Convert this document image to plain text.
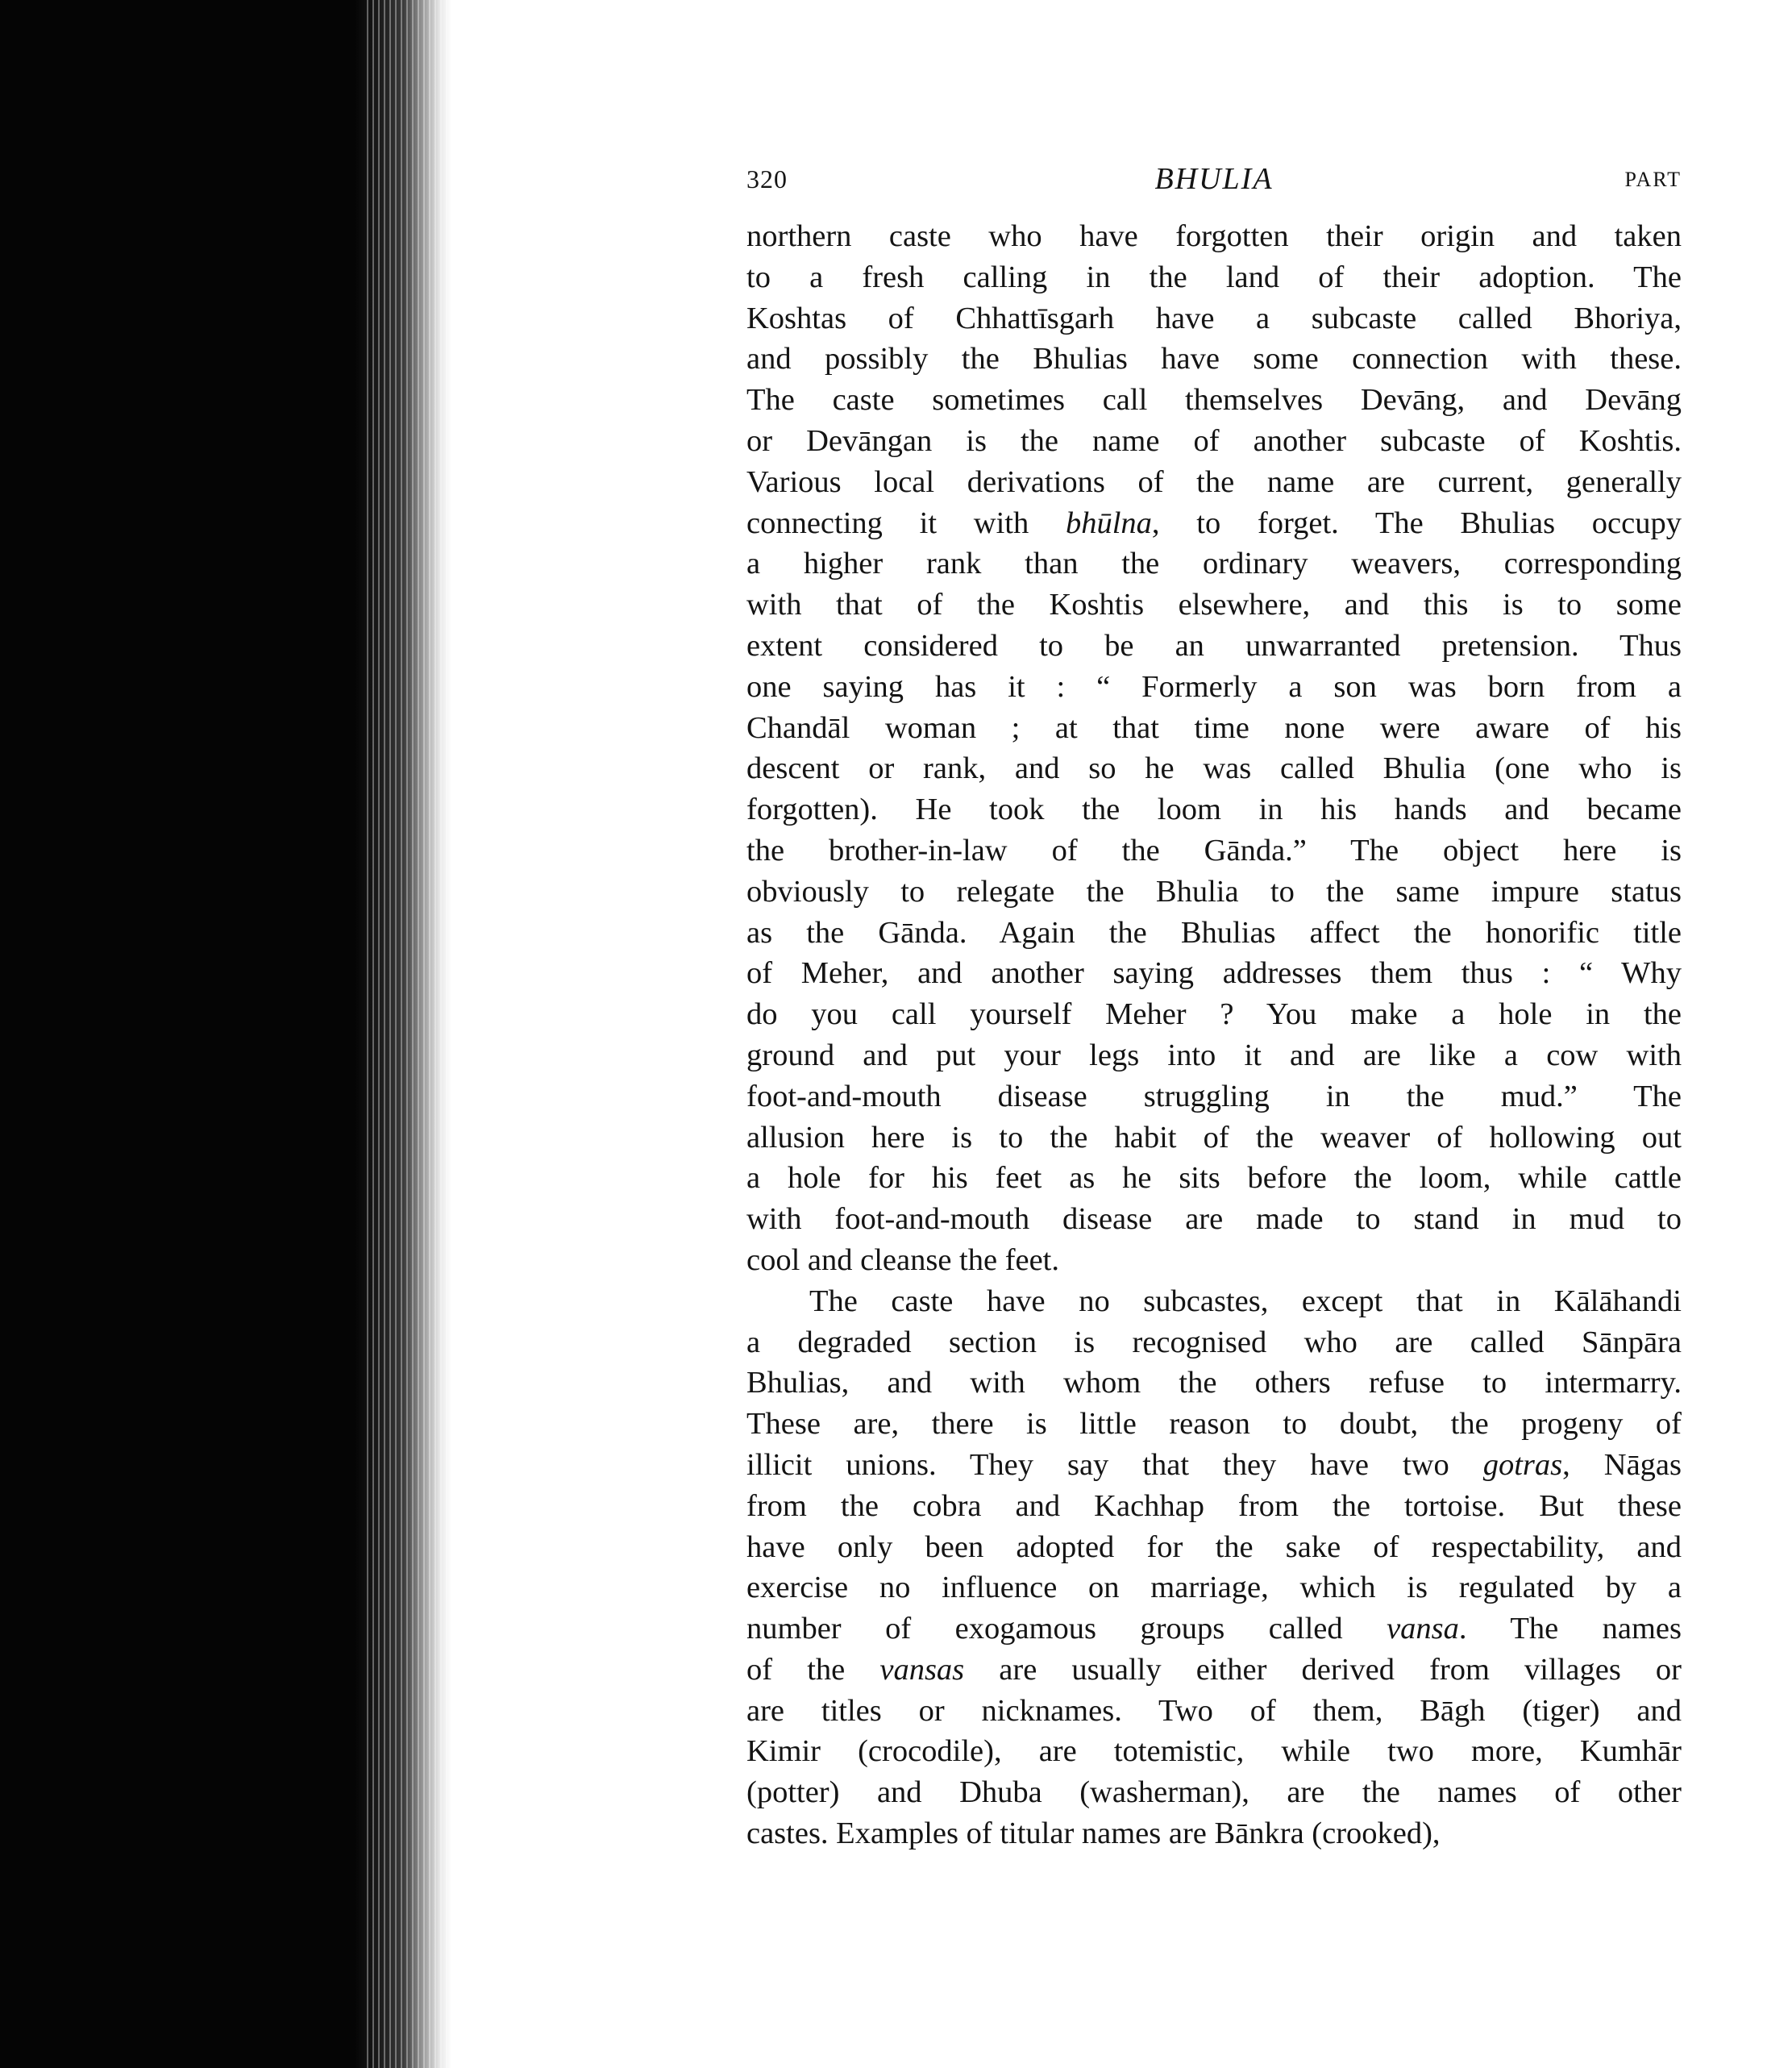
320	BHULIA	PART
northern caste who have forgotten their origin and taken
to a fresh calling in the land of their adoption. The
Koshtas of Chhattīsgarh have a subcaste called Bhoriya,
and possibly the Bhulias have some connection with these.
The caste sometimes call themselves Devāng, and Devāng
or Devāngan is the name of another subcaste of Koshtis.
Various local derivations of the name are current, generally
connecting it with bhūlna, to forget. The Bhulias occupy
a higher rank than the ordinary weavers, corresponding
with that of the Koshtis elsewhere, and this is to some
extent considered to be an unwarranted pretension. Thus
one saying has it : “ Formerly a son was born from a
Chandāl woman ; at that time none were aware of his
descent or rank, and so he was called Bhulia (one who is
forgotten). He took the loom in his hands and became
the brother-in-law of the Gānda.” The object here is
obviously to relegate the Bhulia to the same impure status
as the Gānda. Again the Bhulias affect the honorific title
of Meher, and another saying addresses them thus : “ Why
do you call yourself Meher ? You make a hole in the
ground and put your legs into it and are like a cow with
foot-and-mouth disease struggling in the mud.” The
allusion here is to the habit of the weaver of hollowing out
a hole for his feet as he sits before the loom, while cattle
with foot-and-mouth disease are made to stand in mud to
cool and cleanse the feet.
The caste have no subcastes, except that in Kālāhandi
a degraded section is recognised who are called Sānpāra
Bhulias, and with whom the others refuse to intermarry.
These are, there is little reason to doubt, the progeny of
illicit unions. They say that they have two gotras, Nāgas
from the cobra and Kachhap from the tortoise. But these
have only been adopted for the sake of respectability, and
exercise no influence on marriage, which is regulated by a
number of exogamous groups called vansa. The names
of the vansas are usually either derived from villages or
are titles or nicknames. Two of them, Bāgh (tiger) and
Kimir (crocodile), are totemistic, while two more, Kumhār
(potter) and Dhuba (washerman), are the names of other
castes. Examples of titular names are Bānkra (crooked),
